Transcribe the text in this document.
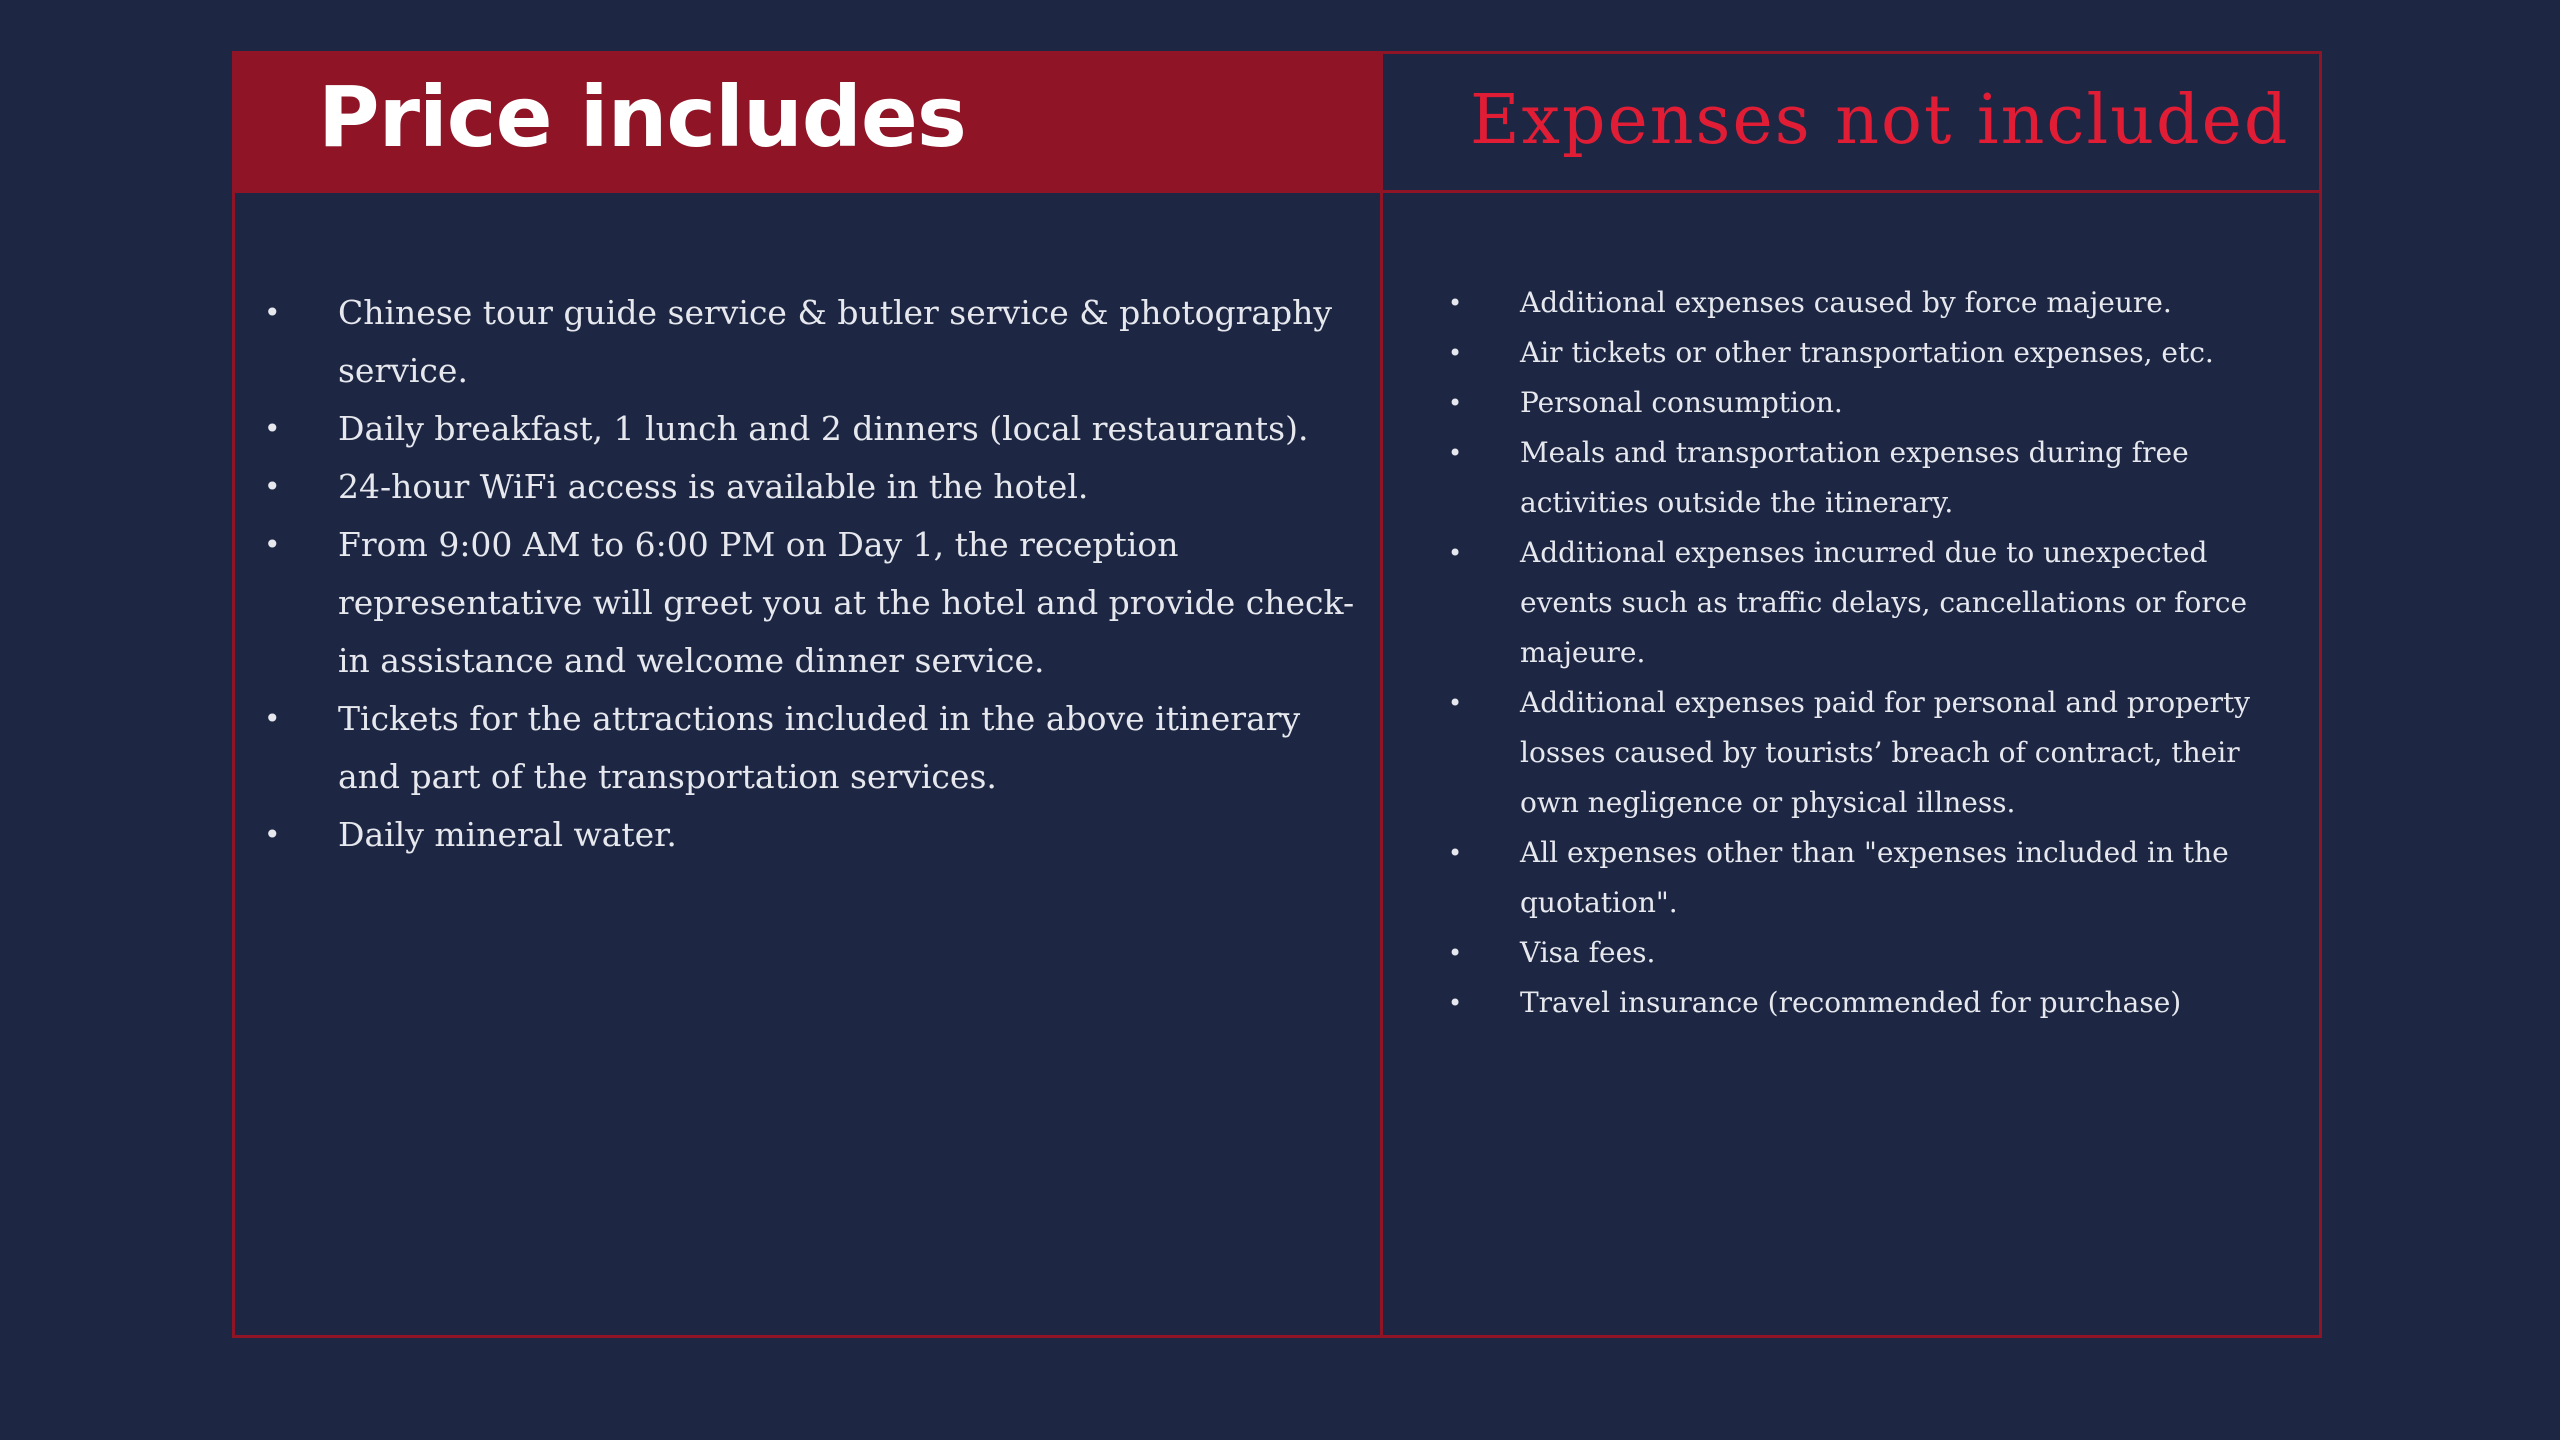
Price includes	Expenses not included
• Chinese tour guide service & butler service & photography service.
• Daily breakfast, 1 lunch and 2 dinners (local restaurants).
• 24-hour WiFi access is available in the hotel.
• From 9:00 AM to 6:00 PM on Day 1, the reception representative will greet you at the hotel and provide check-in assistance and welcome dinner service.
• Tickets for the attractions included in the above itinerary and part of the transportation services.
• Daily mineral water.
• Additional expenses caused by force majeure.
• Air tickets or other transportation expenses, etc.
• Personal consumption.
• Meals and transportation expenses during free activities outside the itinerary.
• Additional expenses incurred due to unexpected events such as traffic delays, cancellations or force majeure.
• Additional expenses paid for personal and property losses caused by tourists’ breach of contract, their own negligence or physical illness.
• All expenses other than "expenses included in the quotation".
• Visa fees.
• Travel insurance (recommended for purchase)
